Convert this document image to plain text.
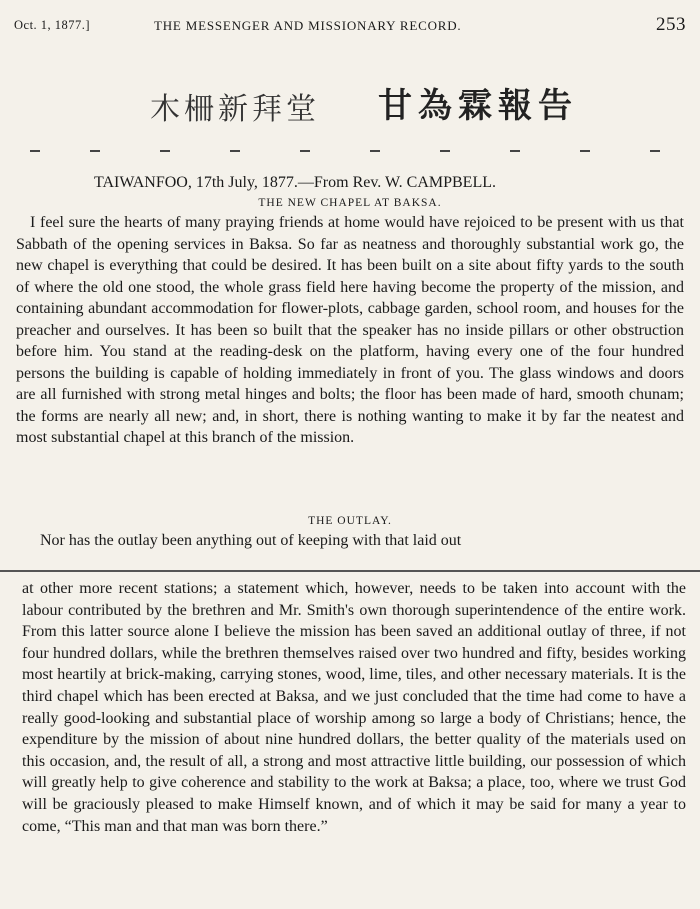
Oct. 1, 1877.]	THE MESSENGER AND MISSIONARY RECORD.	253
木柵新拜堂 甘為霖報告
TAIWANFOO, 17th July, 1877.—From Rev. W. CAMPBELL.
THE NEW CHAPEL AT BAKSA.

I feel sure the hearts of many praying friends at home would have rejoiced to be present with us that Sabbath of the opening services in Baksa. So far as neatness and thoroughly substantial work go, the new chapel is everything that could be desired. It has been built on a site about fifty yards to the south of where the old one stood, the whole grass field here having become the property of the mission, and containing abundant accommodation for flower-plots, cabbage garden, school room, and houses for the preacher and ourselves. It has been so built that the speaker has no inside pillars or other obstruction before him. You stand at the reading-desk on the platform, having every one of the four hundred persons the building is capable of holding immediately in front of you. The glass windows and doors are all furnished with strong metal hinges and bolts; the floor has been made of hard, smooth chunam; the forms are nearly all new; and, in short, there is nothing wanting to make it by far the neatest and most substantial chapel at this branch of the mission.

THE OUTLAY.

Nor has the outlay been anything out of keeping with that laid out

at other more recent stations; a statement which, however, needs to be taken into account with the labour contributed by the brethren and Mr. Smith's own thorough superintendence of the entire work. From this latter source alone I believe the mission has been saved an additional outlay of three, if not four hundred dollars, while the brethren themselves raised over two hundred and fifty, besides working most heartily at brick-making, carrying stones, wood, lime, tiles, and other necessary materials. It is the third chapel which has been erected at Baksa, and we just concluded that the time had come to have a really good-looking and substantial place of worship among so large a body of Christians; hence, the expenditure by the mission of about nine hundred dollars, the better quality of the materials used on this occasion, and, the result of all, a strong and most attractive little building, our possession of which will greatly help to give coherence and stability to the work at Baksa; a place, too, where we trust God will be graciously pleased to make Himself known, and of which it may be said for many a year to come, “This man and that man was born there.”
